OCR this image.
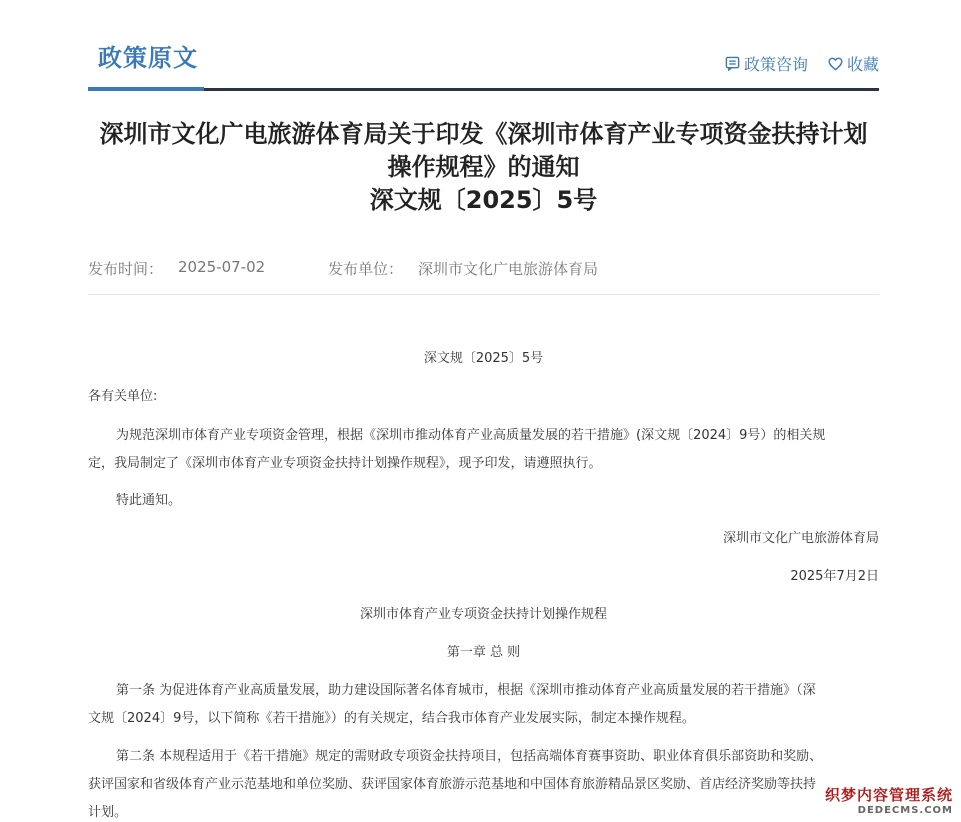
政策原文	政策咨询 收藏
深圳市文化广电旅游体育局关于印发《深圳市体育产业专项资金扶持计划
操作规程》的通知
深文规〔2025〕5号
发布时间： 2025-07-02	发布单位： 深圳市文化广电旅游体育局
深文规〔2025〕5号
各有关单位:
为规范深圳市体育产业专项资金管理，根据《深圳市推动体育产业高质量发展的若干措施》(深文规〔2024〕9号）的相关规
定，我局制定了《深圳市体育产业专项资金扶持计划操作规程》，现予印发，请遵照执行。
特此通知。
深圳市文化广电旅游体育局
2025年7月2日
深圳市体育产业专项资金扶持计划操作规程
第一章 总 则
第一条 为促进体育产业高质量发展，助力建设国际著名体育城市，根据《深圳市推动体育产业高质量发展的若干措施》（深
文规〔2024〕9号，以下简称《若干措施》）的有关规定，结合我市体育产业发展实际，制定本操作规程。
第二条 本规程适用于《若干措施》规定的需财政专项资金扶持项目，包括高端体育赛事资助、职业体育俱乐部资助和奖励、
获评国家和省级体育产业示范基地和单位奖励、获评国家体育旅游示范基地和中国体育旅游精品景区奖励、首店经济奖励等扶持
计划。
织梦内容管理系统
DEDECMS.COM
